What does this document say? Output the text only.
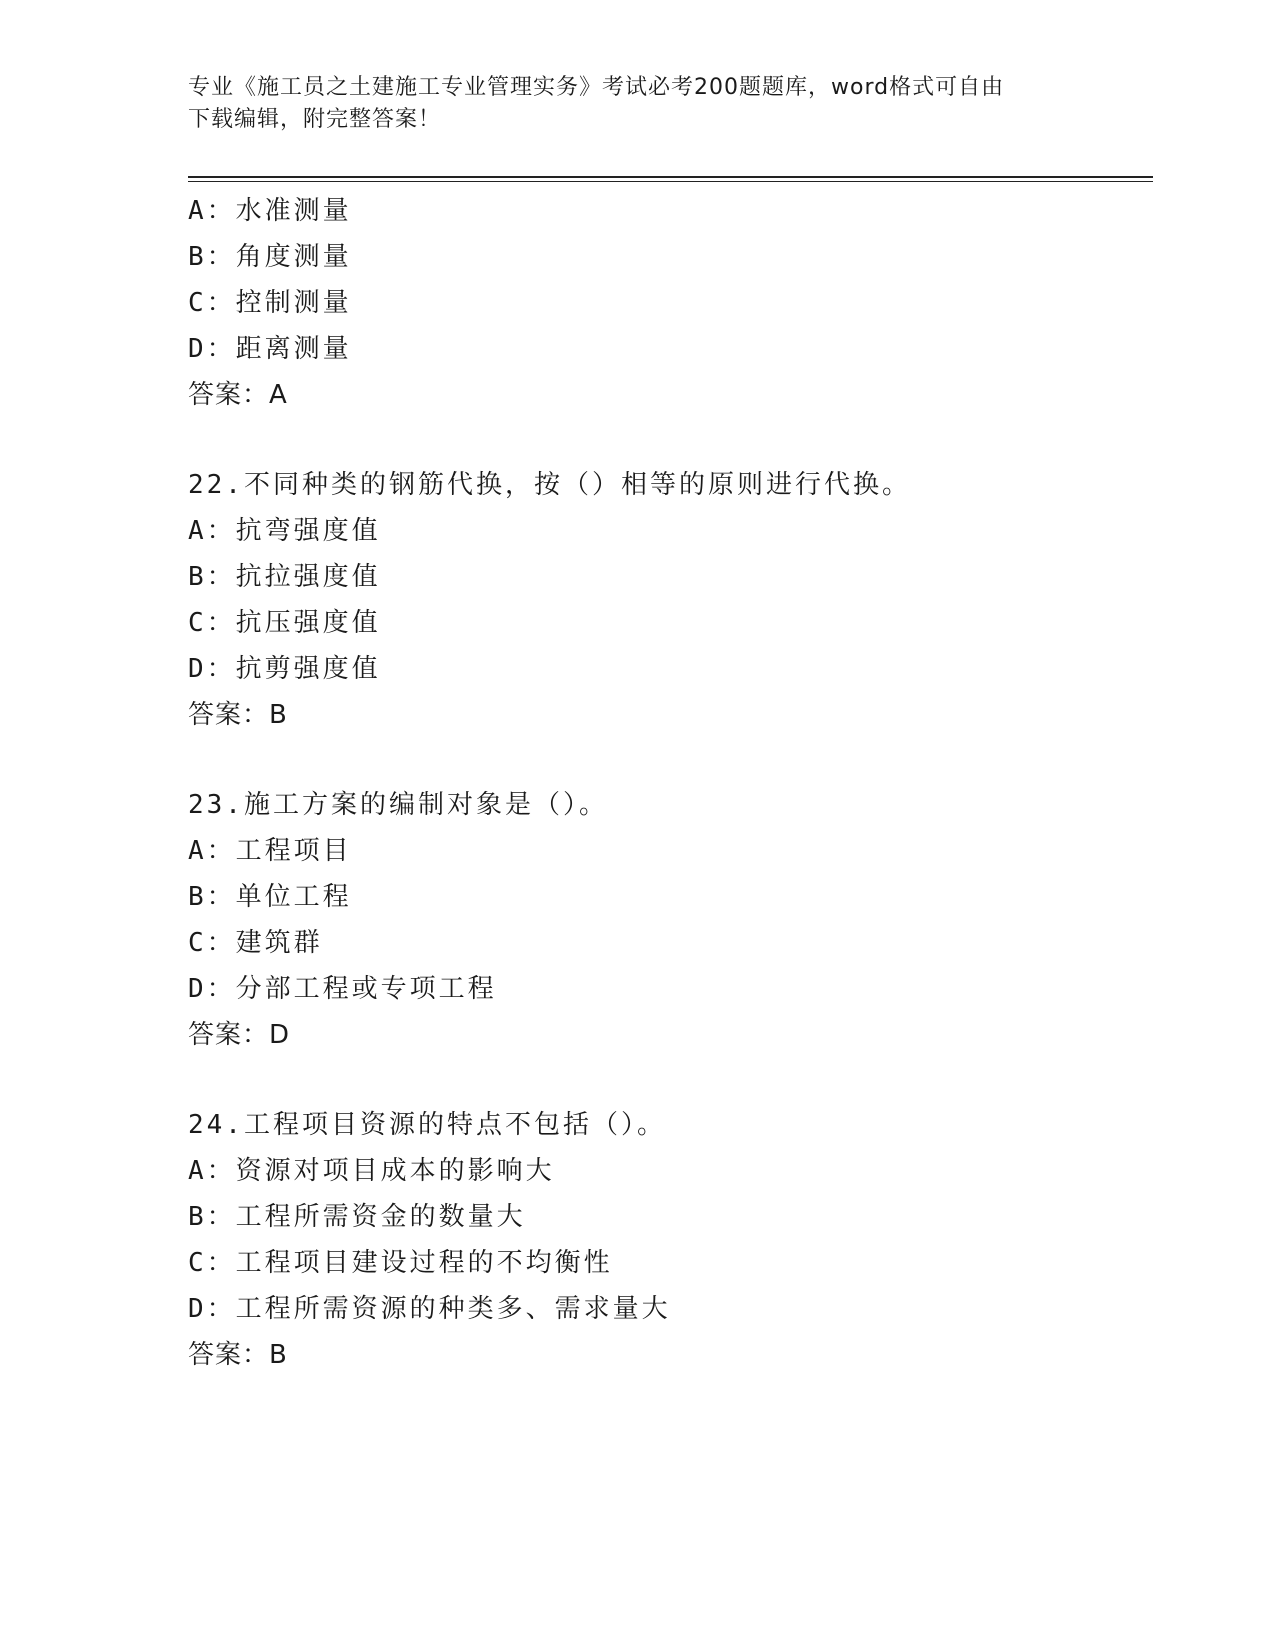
专业《施工员之土建施工专业管理实务》考试必考200题题库，word格式可自由
下载编辑，附完整答案！
A：水准测量
B：角度测量
C：控制测量
D：距离测量
答案：A
22.不同种类的钢筋代换，按（）相等的原则进行代换。
A：抗弯强度值
B：抗拉强度值
C：抗压强度值
D：抗剪强度值
答案：B
23.施工方案的编制对象是（）。
A：工程项目
B：单位工程
C：建筑群
D：分部工程或专项工程
答案：D
24.工程项目资源的特点不包括（）。
A：资源对项目成本的影响大
B：工程所需资金的数量大
C：工程项目建设过程的不均衡性
D：工程所需资源的种类多、需求量大
答案：B
